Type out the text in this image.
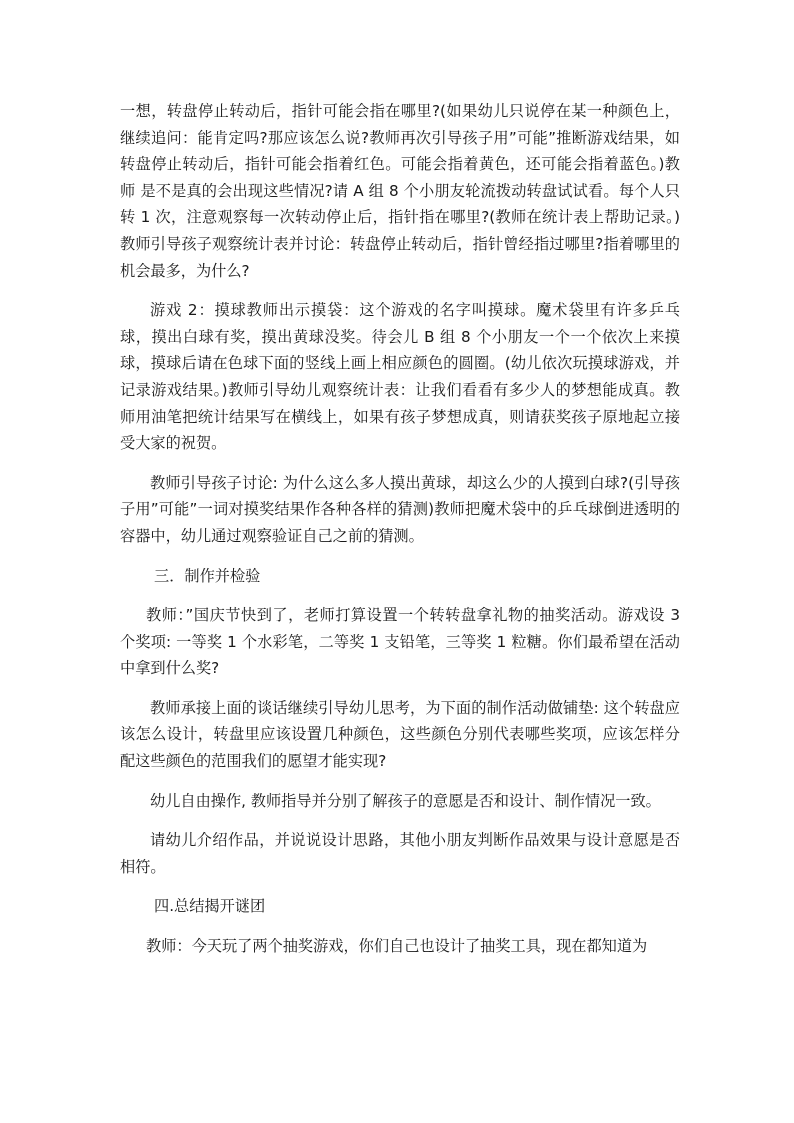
一想，转盘停止转动后，指针可能会指在哪里?(如果幼儿只说停在某一种颜色上，继续追问：能肯定吗?那应该怎么说?教师再次引导孩子用”可能”推断游戏结果，如转盘停止转动后，指针可能会指着红色。可能会指着黄色，还可能会指着蓝色。)教师 是不是真的会出现这些情况?请 A 组 8 个小朋友轮流拨动转盘试试看。每个人只转 1 次，注意观察每一次转动停止后，指针指在哪里?(教师在统计表上帮助记录。)教师引导孩子观察统计表并讨论：转盘停止转动后，指针曾经指过哪里?指着哪里的机会最多，为什么?

游戏 2：摸球教师出示摸袋：这个游戏的名字叫摸球。魔术袋里有许多乒乓球，摸出白球有奖，摸出黄球没奖。待会儿 B 组 8 个小朋友一个一个依次上来摸球，摸球后请在色球下面的竖线上画上相应颜色的圆圈。(幼儿依次玩摸球游戏，并记录游戏结果。)教师引导幼儿观察统计表：让我们看看有多少人的梦想能成真。教师用油笔把统计结果写在横线上，如果有孩子梦想成真，则请获奖孩子原地起立接受大家的祝贺。

教师引导孩子讨论: 为什么这么多人摸出黄球，却这么少的人摸到白球?(引导孩子用”可能”一词对摸奖结果作各种各样的猜测)教师把魔术袋中的乒乓球倒进透明的容器中，幼儿通过观察验证自己之前的猜测。

三．制作并检验

教师：”国庆节快到了，老师打算设置一个转转盘拿礼物的抽奖活动。游戏设 3 个奖项: 一等奖 1 个水彩笔，二等奖 1 支铅笔，三等奖 1 粒糖。你们最希望在活动中拿到什么奖?

教师承接上面的谈话继续引导幼儿思考，为下面的制作活动做铺垫: 这个转盘应该怎么设计，转盘里应该设置几种颜色，这些颜色分别代表哪些奖项，应该怎样分配这些颜色的范围我们的愿望才能实现?

幼儿自由操作, 教师指导并分别了解孩子的意愿是否和设计、制作情况一致。

请幼儿介绍作品，并说说设计思路，其他小朋友判断作品效果与设计意愿是否相符。

四.总结揭开谜团

教师：今天玩了两个抽奖游戏，你们自己也设计了抽奖工具，现在都知道为
